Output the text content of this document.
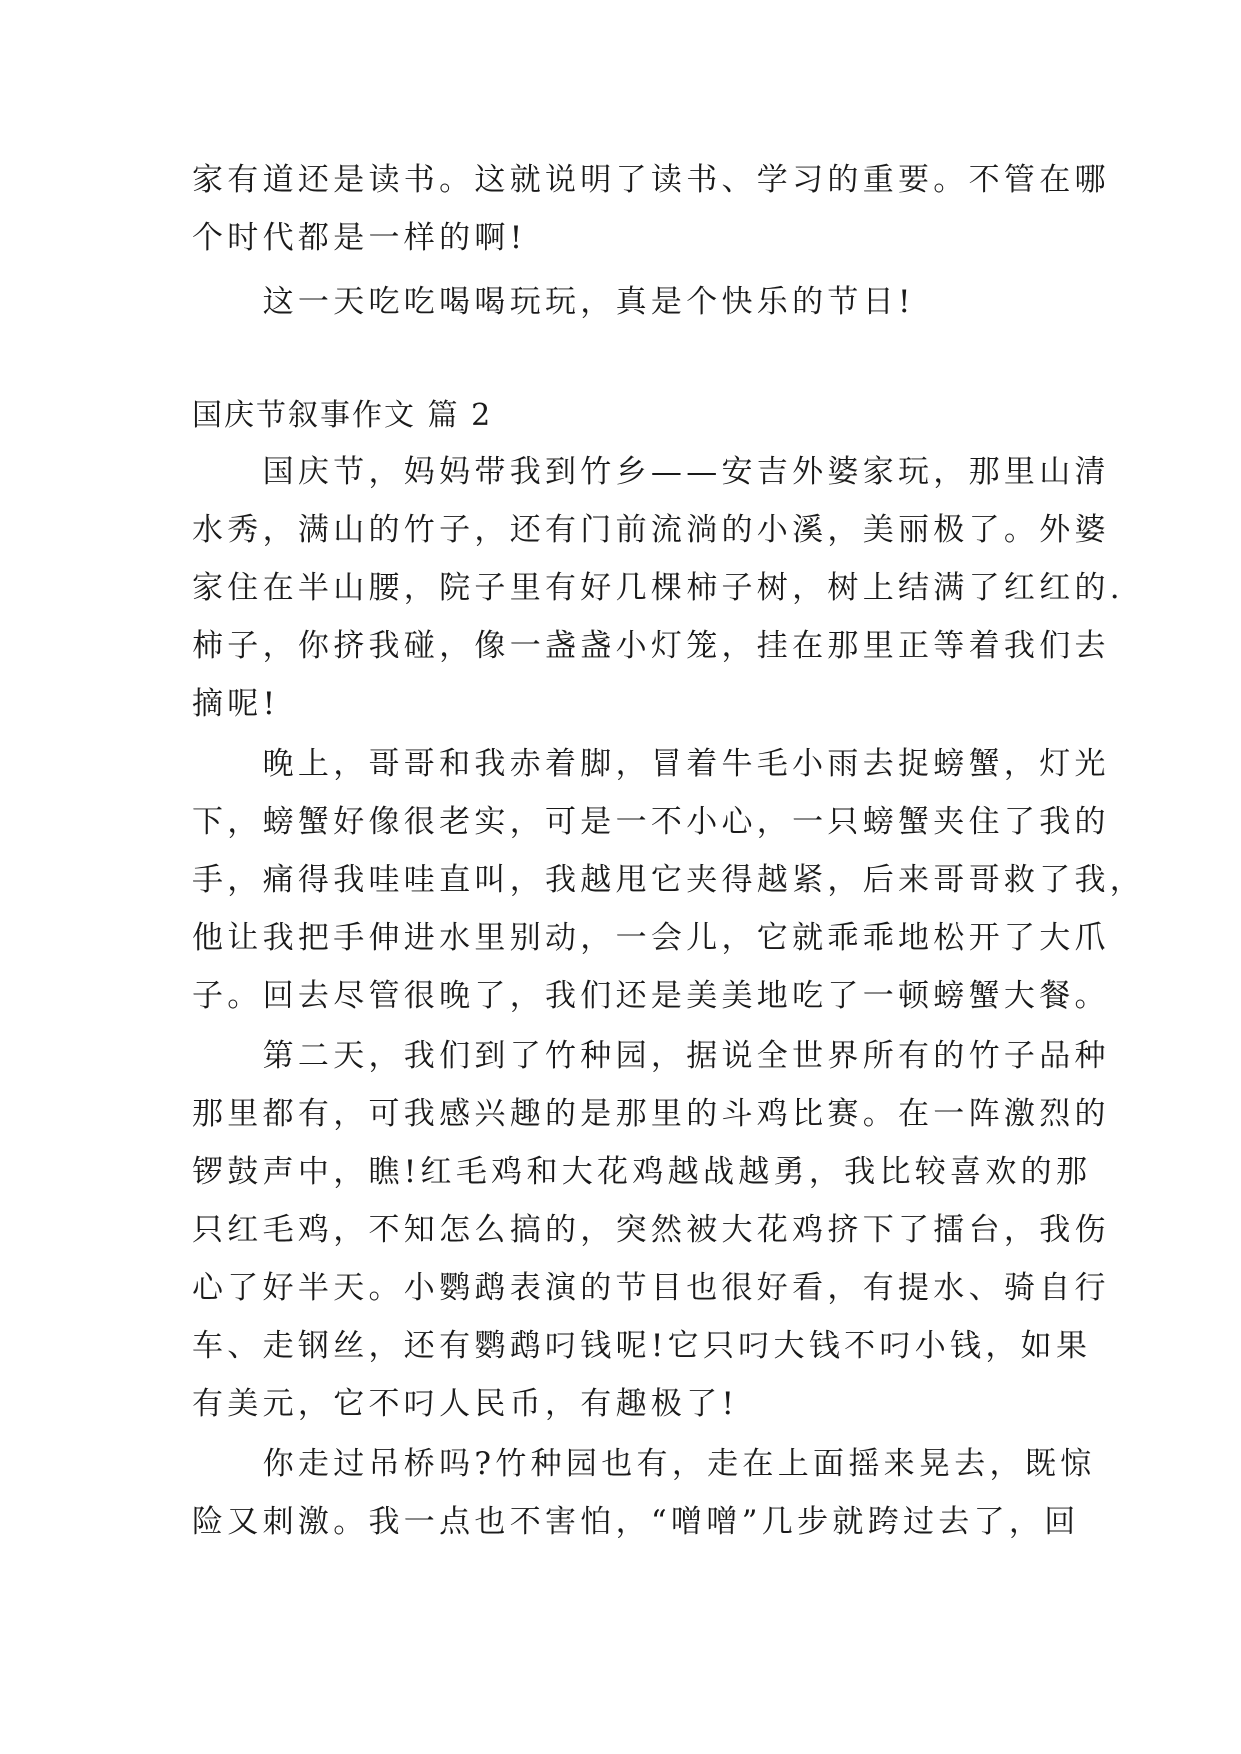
家有道还是读书。这就说明了读书、学习的重要。不管在哪
个时代都是一样的啊!
　　这一天吃吃喝喝玩玩，真是个快乐的节日!
国庆节叙事作文 篇 2
　　国庆节，妈妈带我到竹乡——安吉外婆家玩，那里山清
水秀，满山的竹子，还有门前流淌的小溪，美丽极了。外婆
家住在半山腰，院子里有好几棵柿子树，树上结满了红红的.
柿子，你挤我碰，像一盏盏小灯笼，挂在那里正等着我们去
摘呢!
　　晚上，哥哥和我赤着脚，冒着牛毛小雨去捉螃蟹，灯光
下，螃蟹好像很老实，可是一不小心，一只螃蟹夹住了我的
手，痛得我哇哇直叫，我越甩它夹得越紧，后来哥哥救了我，
他让我把手伸进水里别动，一会儿，它就乖乖地松开了大爪
子。回去尽管很晚了，我们还是美美地吃了一顿螃蟹大餐。
　　第二天，我们到了竹种园，据说全世界所有的竹子品种
那里都有，可我感兴趣的是那里的斗鸡比赛。在一阵激烈的
锣鼓声中，瞧!红毛鸡和大花鸡越战越勇，我比较喜欢的那
只红毛鸡，不知怎么搞的，突然被大花鸡挤下了擂台，我伤
心了好半天。小鹦鹉表演的节目也很好看，有提水、骑自行
车、走钢丝，还有鹦鹉叼钱呢!它只叼大钱不叼小钱，如果
有美元，它不叼人民币，有趣极了!
　　你走过吊桥吗?竹种园也有，走在上面摇来晃去，既惊
险又刺激。我一点也不害怕，“噌噌”几步就跨过去了，回
